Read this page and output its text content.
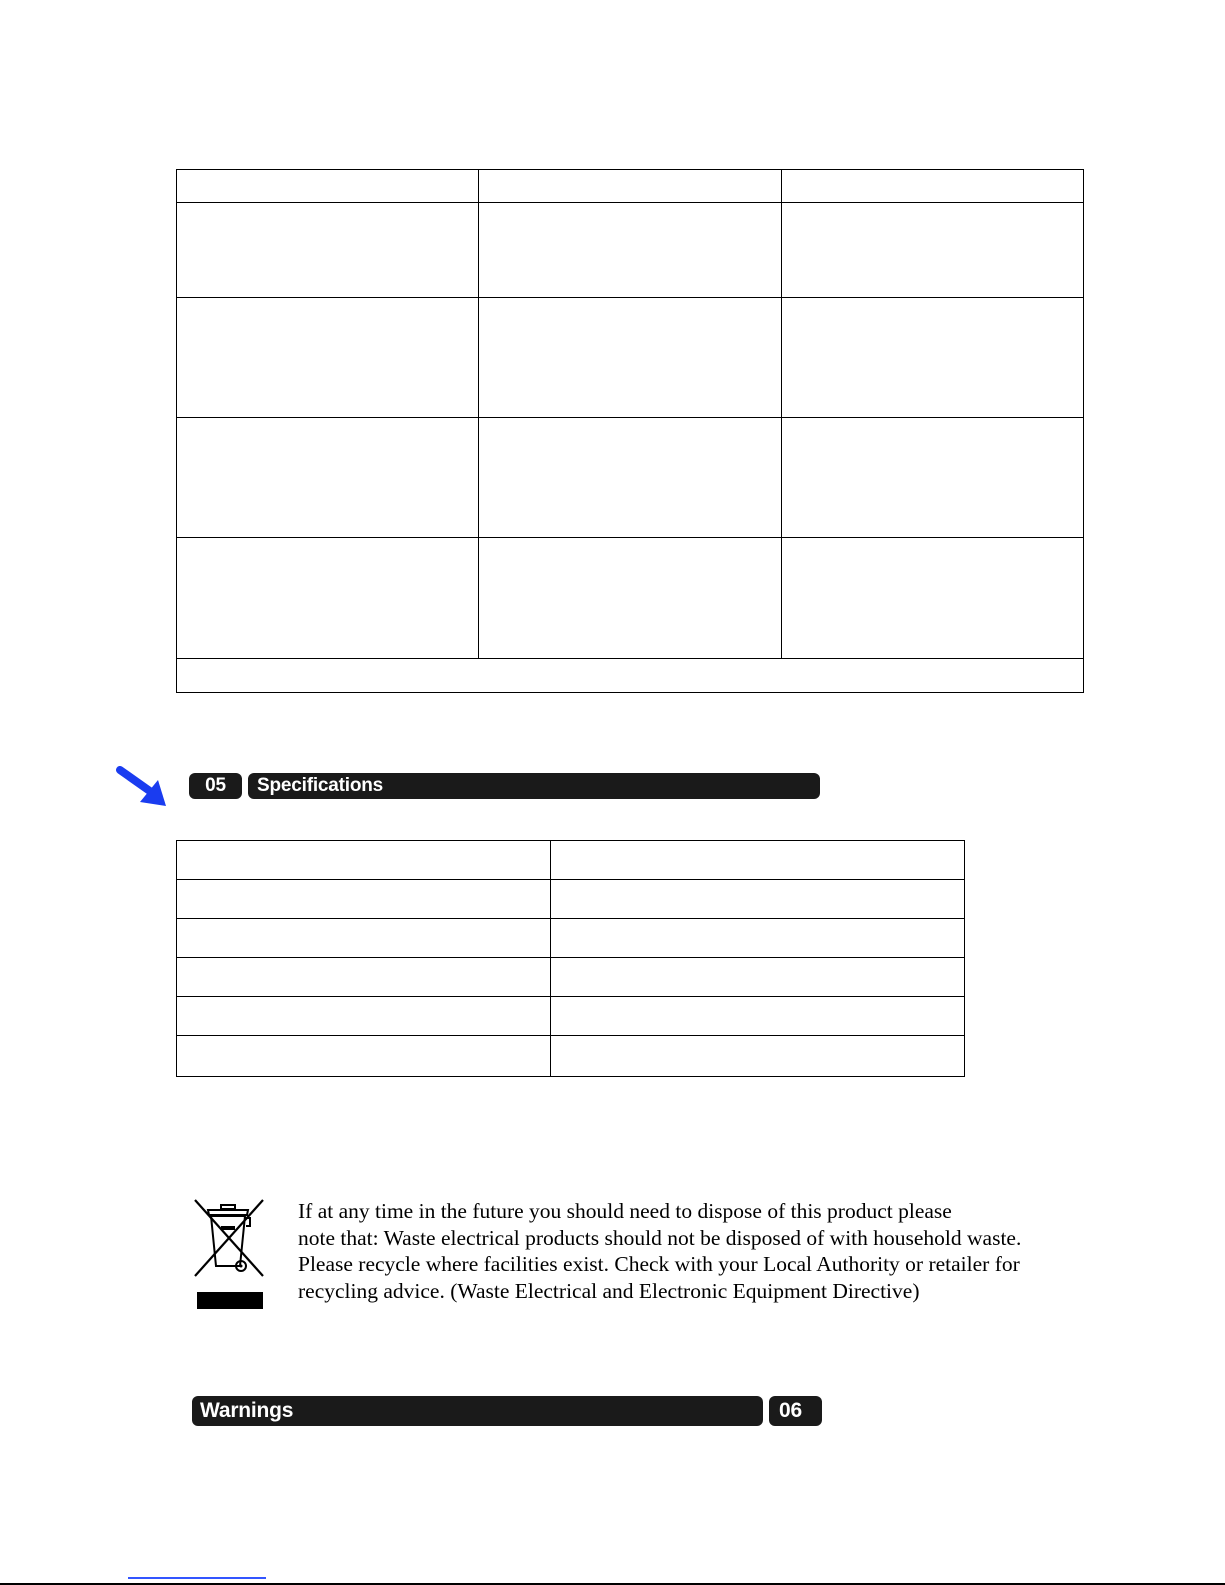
05	Specifications

If at any time in the future you should need to dispose of this product please
note that: Waste electrical products should not be disposed of with household waste.
Please recycle where facilities exist. Check with your Local Authority or retailer for
recycling advice. (Waste Electrical and Electronic Equipment Directive)

Warnings	06
